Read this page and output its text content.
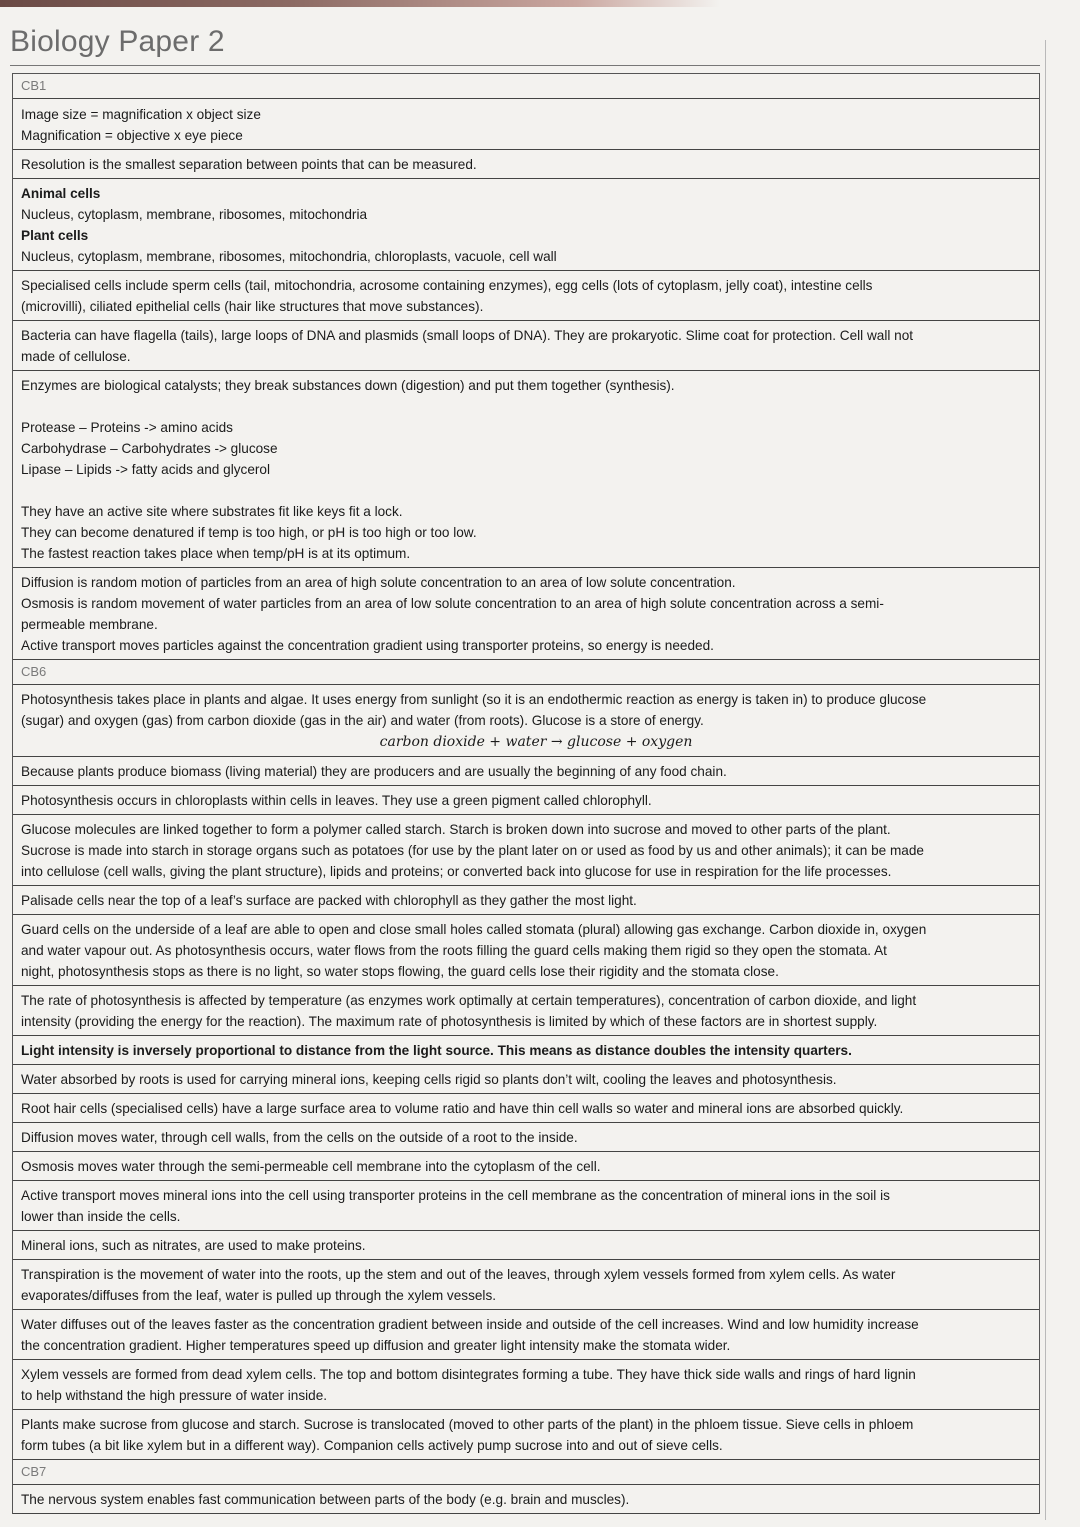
Biology Paper 2
CB1
Image size = magnification x object size
Magnification = objective x eye piece
Resolution is the smallest separation between points that can be measured.
Animal cells
Nucleus, cytoplasm, membrane, ribosomes, mitochondria
Plant cells
Nucleus, cytoplasm, membrane, ribosomes, mitochondria, chloroplasts, vacuole, cell wall
Specialised cells include sperm cells (tail, mitochondria, acrosome containing enzymes), egg cells (lots of cytoplasm, jelly coat), intestine cells
(microvilli), ciliated epithelial cells (hair like structures that move substances).
Bacteria can have flagella (tails), large loops of DNA and plasmids (small loops of DNA). They are prokaryotic. Slime coat for protection. Cell wall not
made of cellulose.
Enzymes are biological catalysts; they break substances down (digestion) and put them together (synthesis).
Protease – Proteins -> amino acids
Carbohydrase – Carbohydrates -> glucose
Lipase – Lipids -> fatty acids and glycerol
They have an active site where substrates fit like keys fit a lock.
They can become denatured if temp is too high, or pH is too high or too low.
The fastest reaction takes place when temp/pH is at its optimum.
Diffusion is random motion of particles from an area of high solute concentration to an area of low solute concentration.
Osmosis is random movement of water particles from an area of low solute concentration to an area of high solute concentration across a semi-
permeable membrane.
Active transport moves particles against the concentration gradient using transporter proteins, so energy is needed.
CB6
Photosynthesis takes place in plants and algae. It uses energy from sunlight (so it is an endothermic reaction as energy is taken in) to produce glucose
(sugar) and oxygen (gas) from carbon dioxide (gas in the air) and water (from roots). Glucose is a store of energy.
carbon dioxide + water → glucose + oxygen
Because plants produce biomass (living material) they are producers and are usually the beginning of any food chain.
Photosynthesis occurs in chloroplasts within cells in leaves. They use a green pigment called chlorophyll.
Glucose molecules are linked together to form a polymer called starch. Starch is broken down into sucrose and moved to other parts of the plant.
Sucrose is made into starch in storage organs such as potatoes (for use by the plant later on or used as food by us and other animals); it can be made
into cellulose (cell walls, giving the plant structure), lipids and proteins; or converted back into glucose for use in respiration for the life processes.
Palisade cells near the top of a leaf’s surface are packed with chlorophyll as they gather the most light.
Guard cells on the underside of a leaf are able to open and close small holes called stomata (plural) allowing gas exchange. Carbon dioxide in, oxygen
and water vapour out. As photosynthesis occurs, water flows from the roots filling the guard cells making them rigid so they open the stomata. At
night, photosynthesis stops as there is no light, so water stops flowing, the guard cells lose their rigidity and the stomata close.
The rate of photosynthesis is affected by temperature (as enzymes work optimally at certain temperatures), concentration of carbon dioxide, and light
intensity (providing the energy for the reaction). The maximum rate of photosynthesis is limited by which of these factors are in shortest supply.
Light intensity is inversely proportional to distance from the light source. This means as distance doubles the intensity quarters.
Water absorbed by roots is used for carrying mineral ions, keeping cells rigid so plants don’t wilt, cooling the leaves and photosynthesis.
Root hair cells (specialised cells) have a large surface area to volume ratio and have thin cell walls so water and mineral ions are absorbed quickly.
Diffusion moves water, through cell walls, from the cells on the outside of a root to the inside.
Osmosis moves water through the semi-permeable cell membrane into the cytoplasm of the cell.
Active transport moves mineral ions into the cell using transporter proteins in the cell membrane as the concentration of mineral ions in the soil is
lower than inside the cells.
Mineral ions, such as nitrates, are used to make proteins.
Transpiration is the movement of water into the roots, up the stem and out of the leaves, through xylem vessels formed from xylem cells. As water
evaporates/diffuses from the leaf, water is pulled up through the xylem vessels.
Water diffuses out of the leaves faster as the concentration gradient between inside and outside of the cell increases. Wind and low humidity increase
the concentration gradient. Higher temperatures speed up diffusion and greater light intensity make the stomata wider.
Xylem vessels are formed from dead xylem cells. The top and bottom disintegrates forming a tube. They have thick side walls and rings of hard lignin
to help withstand the high pressure of water inside.
Plants make sucrose from glucose and starch. Sucrose is translocated (moved to other parts of the plant) in the phloem tissue. Sieve cells in phloem
form tubes (a bit like xylem but in a different way). Companion cells actively pump sucrose into and out of sieve cells.
CB7
The nervous system enables fast communication between parts of the body (e.g. brain and muscles).
